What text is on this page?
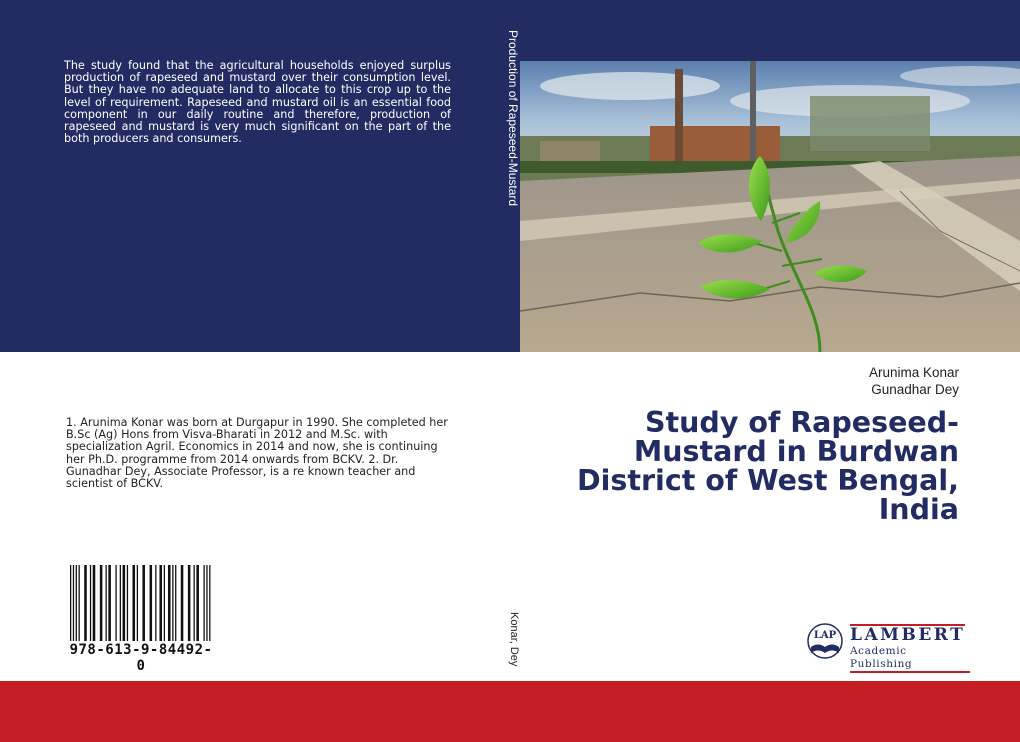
The study found that the agricultural households enjoyed surplus production of rapeseed and mustard over their consumption level. But they have no adequate land to allocate to this crop up to the level of requirement. Rapeseed and mustard oil is an essential food component in our daily routine and therefore, production of rapeseed and mustard is very much significant on the part of the both producers and consumers.	Production of Rapeseed-Mustard
Konar, Dey
Arunima Konar
Gunadhar Dey
Study of Rapeseed-Mustard in Burdwan District of West Bengal, India

1. Arunima Konar was born at Durgapur in 1990. She completed her B.Sc (Ag) Hons from Visva-Bharati in 2012 and M.Sc. with specialization Agril. Economics in 2014 and now, she is continuing her Ph.D. programme from 2014 onwards from BCKV. 2. Dr. Gunadhar Dey, Associate Professor, is a re known teacher and scientist of BCKV.

978-613-9-84492-0
LAP LAMBERT
Academic Publishing
